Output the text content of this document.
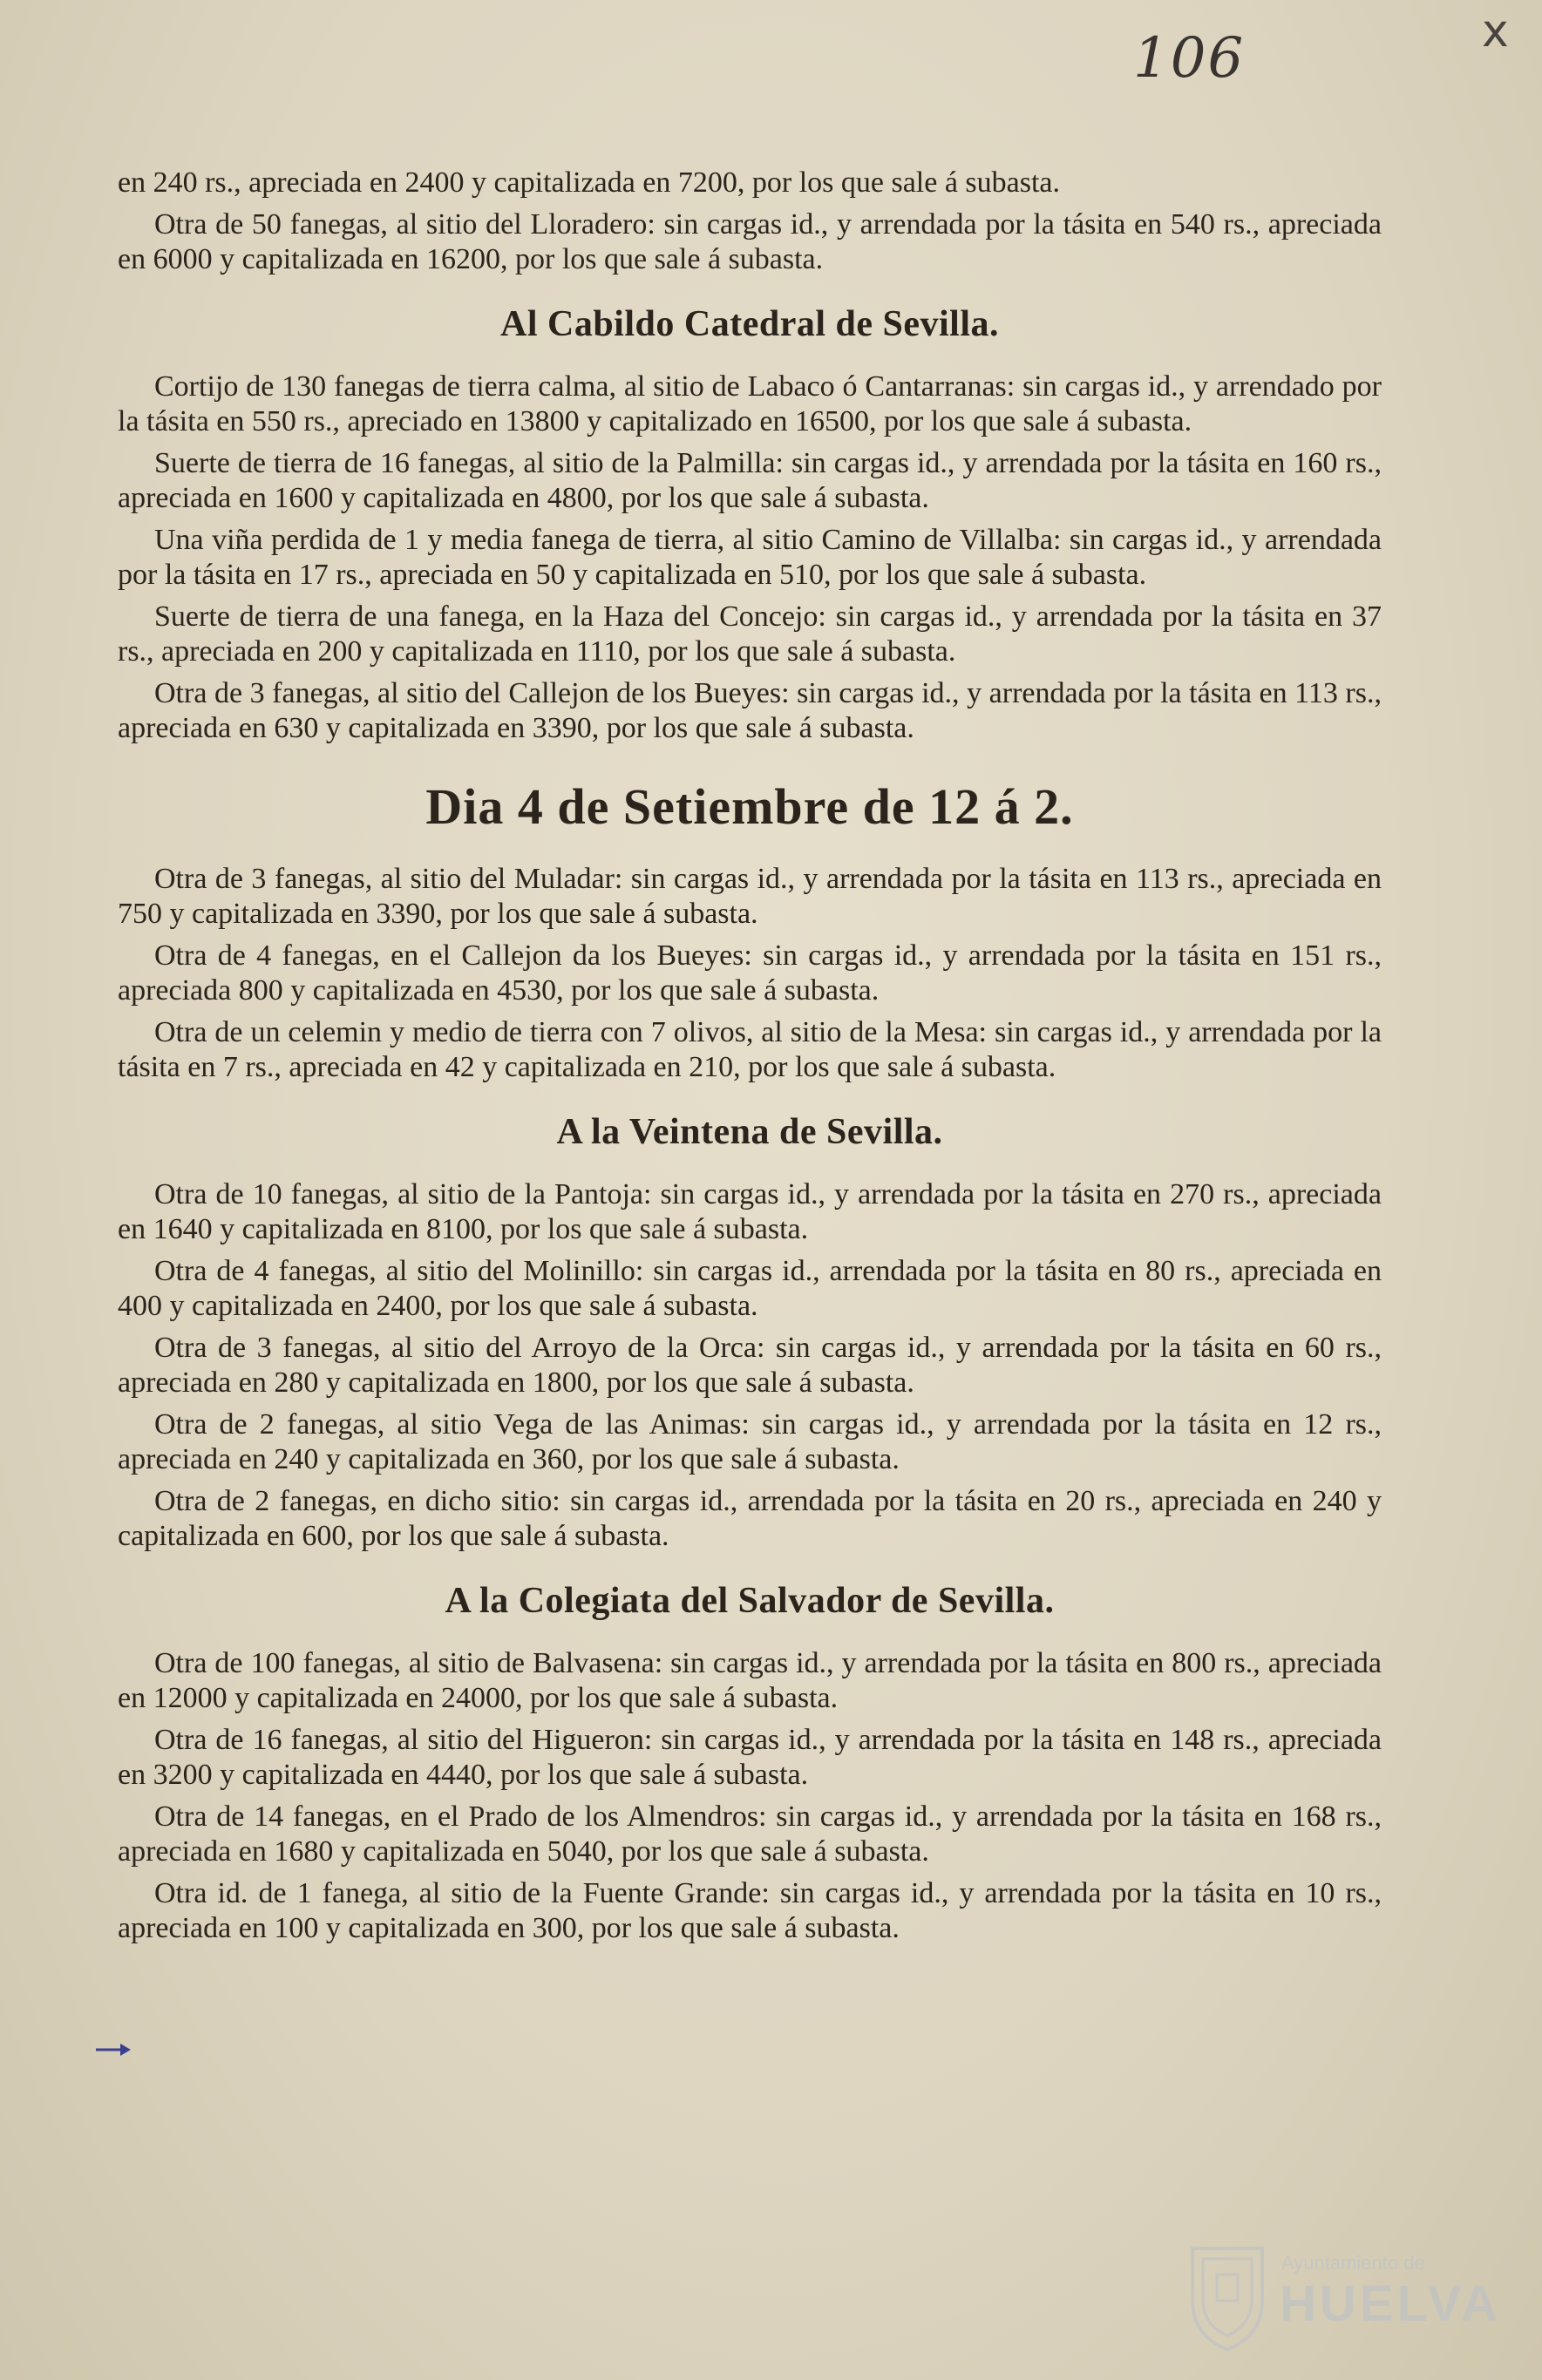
106	x

en 240 rs., apreciada en 2400 y capitalizada en 7200, por los que sale á subasta.

Otra de 50 fanegas, al sitio del Lloradero: sin cargas id., y arrendada por la tásita en 540 rs., apreciada en 6000 y capitalizada en 16200, por los que sale á subasta.

Al Cabildo Catedral de Sevilla.

Cortijo de 130 fanegas de tierra calma, al sitio de Labaco ó Cantarranas: sin cargas id., y arrendado por la tásita en 550 rs., apreciado en 13800 y capitalizado en 16500, por los que sale á subasta.

Suerte de tierra de 16 fanegas, al sitio de la Palmilla: sin cargas id., y arrendada por la tásita en 160 rs., apreciada en 1600 y capitalizada en 4800, por los que sale á subasta.

Una viña perdida de 1 y media fanega de tierra, al sitio Camino de Villalba: sin cargas id., y arrendada por la tásita en 17 rs., apreciada en 50 y capitalizada en 510, por los que sale á subasta.

Suerte de tierra de una fanega, en la Haza del Concejo: sin cargas id., y arrendada por la tásita en 37 rs., apreciada en 200 y capitalizada en 1110, por los que sale á subasta.

Otra de 3 fanegas, al sitio del Callejon de los Bueyes: sin cargas id., y arrendada por la tásita en 113 rs., apreciada en 630 y capitalizada en 3390, por los que sale á subasta.

Dia 4 de Setiembre de 12 á 2.

Otra de 3 fanegas, al sitio del Muladar: sin cargas id., y arrendada por la tásita en 113 rs., apreciada en 750 y capitalizada en 3390, por los que sale á subasta.

Otra de 4 fanegas, en el Callejon da los Bueyes: sin cargas id., y arrendada por la tásita en 151 rs., apreciada 800 y capitalizada en 4530, por los que sale á subasta.

Otra de un celemin y medio de tierra con 7 olivos, al sitio de la Mesa: sin cargas id., y arrendada por la tásita en 7 rs., apreciada en 42 y capitalizada en 210, por los que sale á subasta.

A la Veintena de Sevilla.

Otra de 10 fanegas, al sitio de la Pantoja: sin cargas id., y arrendada por la tásita en 270 rs., apreciada en 1640 y capitalizada en 8100, por los que sale á subasta.

Otra de 4 fanegas, al sitio del Molinillo: sin cargas id., arrendada por la tásita en 80 rs., apreciada en 400 y capitalizada en 2400, por los que sale á subasta.

Otra de 3 fanegas, al sitio del Arroyo de la Orca: sin cargas id., y arrendada por la tásita en 60 rs., apreciada en 280 y capitalizada en 1800, por los que sale á subasta.

Otra de 2 fanegas, al sitio Vega de las Animas: sin cargas id., y arrendada por la tásita en 12 rs., apreciada en 240 y capitalizada en 360, por los que sale á subasta.

Otra de 2 fanegas, en dicho sitio: sin cargas id., arrendada por la tásita en 20 rs., apreciada en 240 y capitalizada en 600, por los que sale á subasta.

A la Colegiata del Salvador de Sevilla.

Otra de 100 fanegas, al sitio de Balvasena: sin cargas id., y arrendada por la tásita en 800 rs., apreciada en 12000 y capitalizada en 24000, por los que sale á subasta.

Otra de 16 fanegas, al sitio del Higueron: sin cargas id., y arrendada por la tásita en 148 rs., apreciada en 3200 y capitalizada en 4440, por los que sale á subasta.

Otra de 14 fanegas, en el Prado de los Almendros: sin cargas id., y arrendada por la tásita en 168 rs., apreciada en 1680 y capitalizada en 5040, por los que sale á subasta.

Otra id. de 1 fanega, al sitio de la Fuente Grande: sin cargas id., y arrendada por la tásita en 10 rs., apreciada en 100 y capitalizada en 300, por los que sale á subasta.

Ayuntamiento de
HUELVA
